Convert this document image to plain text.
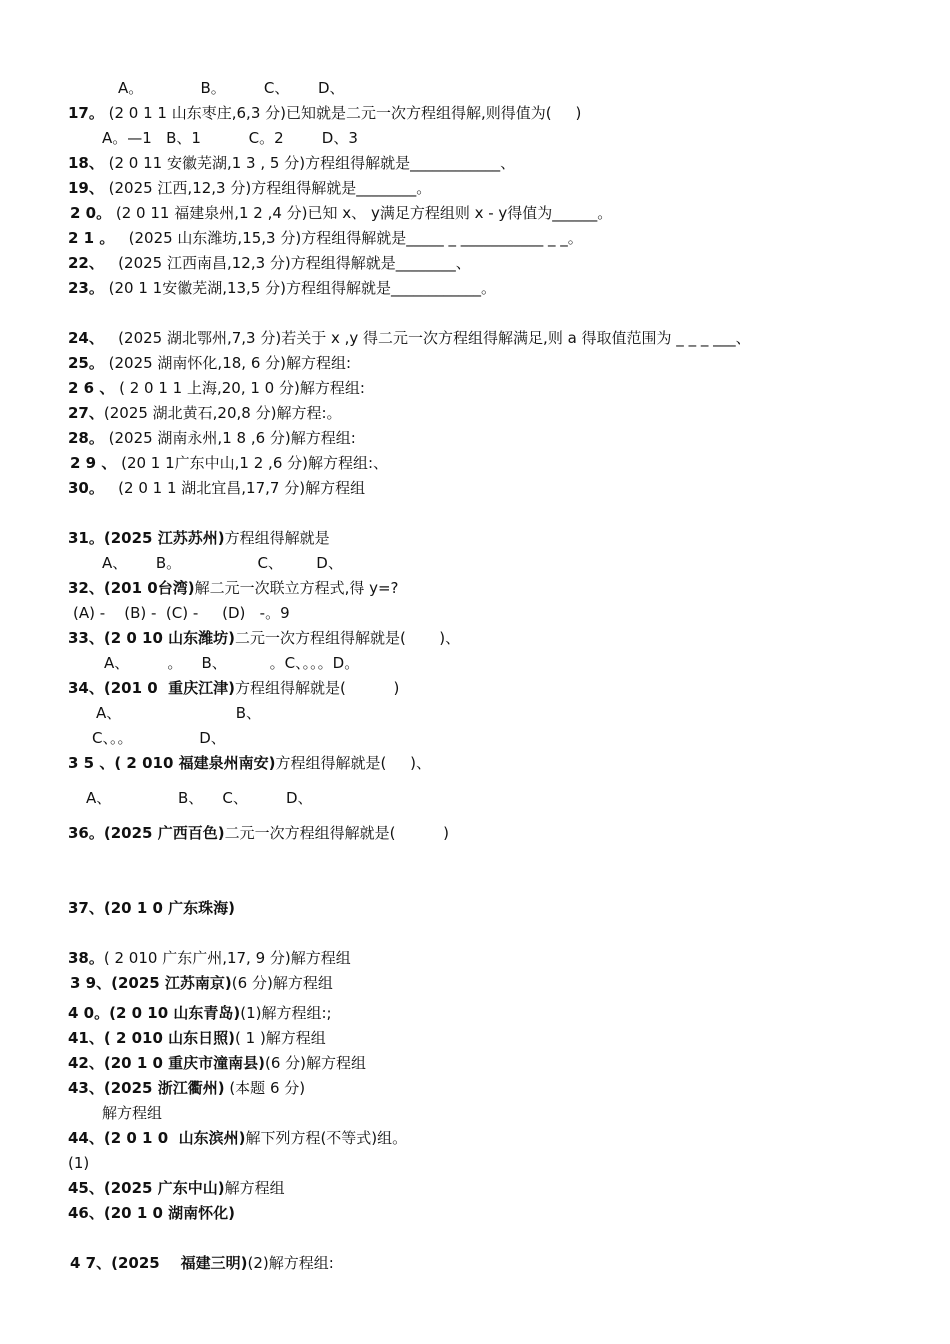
A。            B。        C、      D、
17。 (2 0 1 1 山东枣庄,6,3 分)已知就是二元一次方程组得解,则得值为(     )
A。—1   B、1          C。2        D、3
18、 (2 0 11 安徽芜湖,1 3 , 5 分)方程组得解就是____________、
19、 (2025 江西,12,3 分)方程组得解就是________。
2 0。 (2 0 11 福建泉州,1 2 ,4 分)已知 x、 y满足方程组则 x - y得值为______。
2 1 。   (2025 山东潍坊,15,3 分)方程组得解就是_____ _ ___________ _ _。
22、   (2025 江西南昌,12,3 分)方程组得解就是________、
23。 (20 1 1安徽芜湖,13,5 分)方程组得解就是____________。
24、   (2025 湖北鄂州,7,3 分)若关于 x ,y 得二元一次方程组得解满足,则 a 得取值范围为 _ _ _ ___、
25。 (2025 湖南怀化,18, 6 分)解方程组:
2 6 、 ( 2 0 1 1 上海,20, 1 0 分)解方程组:
27、(2025 湖北黄石,20,8 分)解方程:。
28。 (2025 湖南永州,1 8 ,6 分)解方程组:
2 9 、 (20 1 1广东中山,1 2 ,6 分)解方程组:、
30。   (2 0 1 1 湖北宜昌,17,7 分)解方程组
31。(2025 江苏苏州)方程组得解就是
A、      B。                C、       D、
32、(201 0台湾)解二元一次联立方程式,得 y=?
(A) -    (B) -  (C) -     (D)   -。9
33、(2 0 10 山东潍坊)二元一次方程组得解就是(       )、
A、        。    B、         。C、。。。D。
34、(201 0  重庆江津)方程组得解就是(          )
A、                        B、
C、。。              D、
3 5 、( 2 010 福建泉州南安)方程组得解就是(     )、
A、              B、    C、        D、
36。(2025 广西百色)二元一次方程组得解就是(          )
37、(20 1 0 广东珠海)
38。( 2 010 广东广州,17, 9 分)解方程组
3 9、(2025 江苏南京)(6 分)解方程组
4 0。(2 0 10 山东青岛)(1)解方程组:;
41、( 2 010 山东日照)( 1 )解方程组
42、(20 1 0 重庆市潼南县)(6 分)解方程组
43、(2025 浙江衢州) (本题 6 分)
解方程组
44、(2 0 1 0  山东滨州)解下列方程(不等式)组。
(1)
45、(2025 广东中山)解方程组
46、(20 1 0 湖南怀化)
4 7、(2025    福建三明)(2)解方程组:
